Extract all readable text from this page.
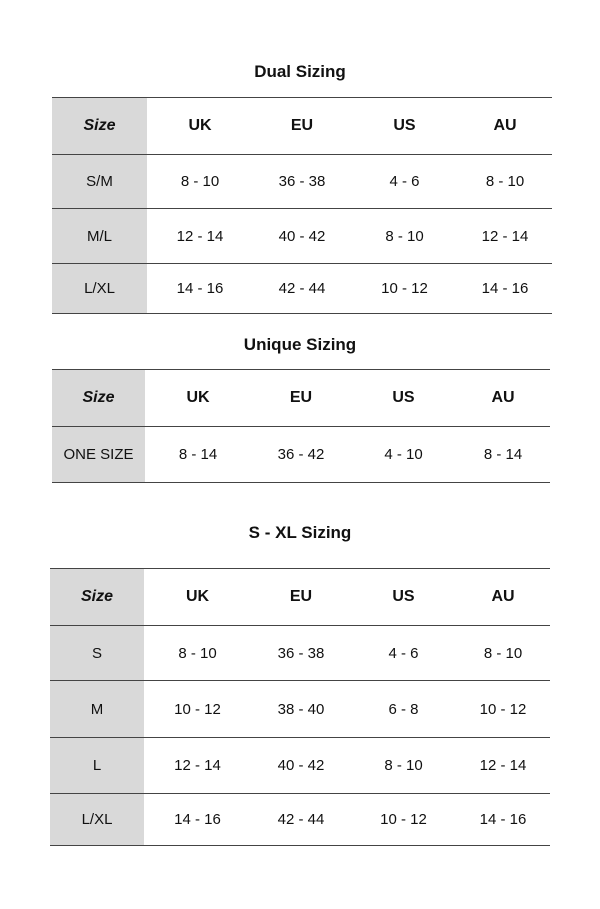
Dual Sizing
Size	UK	EU	US	AU
S/M	8 - 10	36 - 38	4 - 6	8 - 10
M/L	12 - 14	40 - 42	8 - 10	12 - 14
L/XL	14 - 16	42 - 44	10 - 12	14 - 16
Unique Sizing
Size	UK	EU	US	AU
ONE SIZE	8 - 14	36 - 42	4 - 10	8 - 14
S - XL Sizing
Size	UK	EU	US	AU
S	8 - 10	36 - 38	4 - 6	8 - 10
M	10 - 12	38 - 40	6 - 8	10 - 12
L	12 - 14	40 - 42	8 - 10	12 - 14
L/XL	14 - 16	42 - 44	10 - 12	14 - 16
